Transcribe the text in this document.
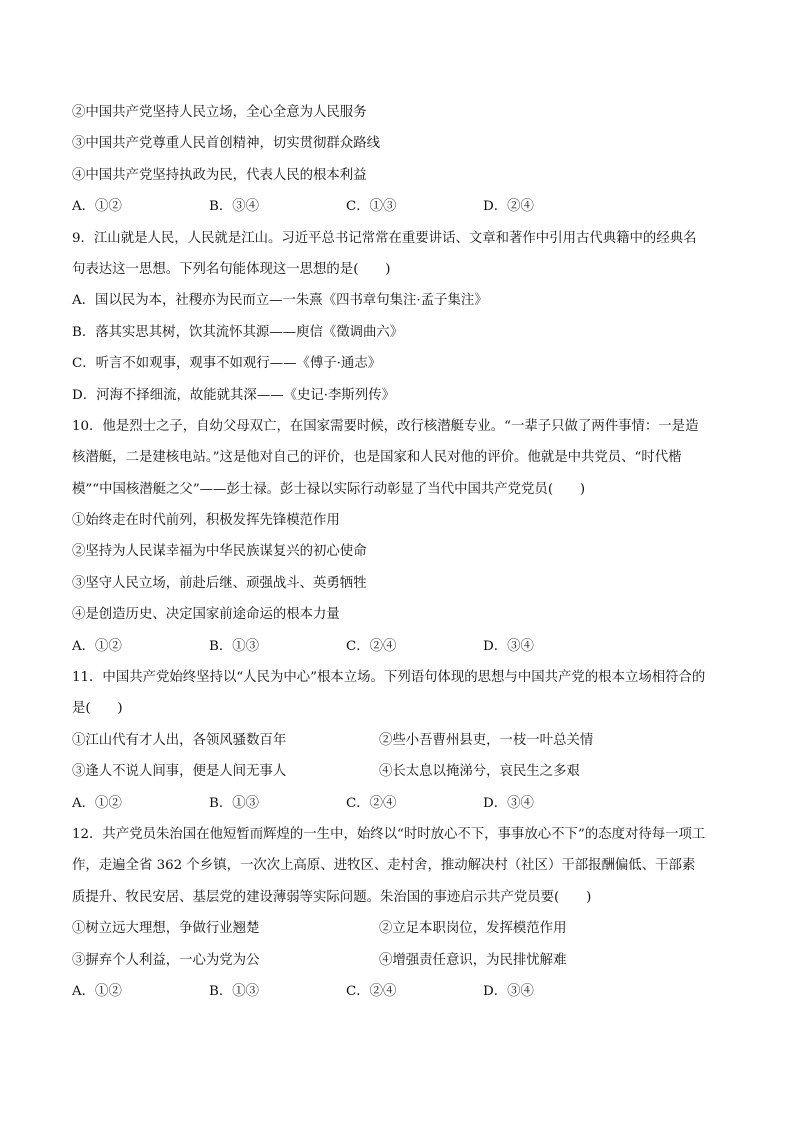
②中国共产党坚持人民立场，全心全意为人民服务
③中国共产党尊重人民首创精神，切实贯彻群众路线
④中国共产党坚持执政为民，代表人民的根本利益
A．①②	B．③④	C．①③	D．②④
9．江山就是人民，人民就是江山。习近平总书记常常在重要讲话、文章和著作中引用古代典籍中的经典名
句表达这一思想。下列名句能体现这一思想的是(　　)
A．国以民为本，社稷亦为民而立—一朱熹《四书章句集注·孟子集注》
B．落其实思其树，饮其流怀其源——庾信《徵调曲六》
C．听言不如观事，观事不如观行——《傅子·通志》
D．河海不择细流，故能就其深——《史记·李斯列传》
10．他是烈士之子，自幼父母双亡，在国家需要时候，改行核潜艇专业。“一辈子只做了两件事情：一是造
核潜艇，二是建核电站。”这是他对自己的评价，也是国家和人民对他的评价。他就是中共党员、“时代楷
模”“中国核潜艇之父”——彭士禄。彭士禄以实际行动彰显了当代中国共产党党员(　　)
①始终走在时代前列，积极发挥先锋模范作用
②坚持为人民谋幸福为中华民族谋复兴的初心使命
③坚守人民立场，前赴后继、顽强战斗、英勇牺牲
④是创造历史、决定国家前途命运的根本力量
A．①②	B．①③	C．②④	D．③④
11．中国共产党始终坚持以“人民为中心”根本立场。下列语句体现的思想与中国共产党的根本立场相符合的
是(　　)
①江山代有才人出，各领风骚数百年	②些小吾曹州县吏，一枝一叶总关情
③逢人不说人间事，便是人间无事人	④长太息以掩涕兮，哀民生之多艰
A．①②	B．①③	C．②④	D．③④
12．共产党员朱治国在他短暂而辉煌的一生中，始终以“时时放心不下，事事放心不下”的态度对待每一项工
作，走遍全省 362 个乡镇，一次次上高原、进牧区、走村舍，推动解决村（社区）干部报酬偏低、干部素
质提升、牧民安居、基层党的建设薄弱等实际问题。朱治国的事迹启示共产党员要(　　)
①树立远大理想，争做行业翘楚	②立足本职岗位，发挥模范作用
③摒弃个人利益，一心为党为公	④增强责任意识，为民排忧解难
A．①②	B．①③	C．②④	D．③④
